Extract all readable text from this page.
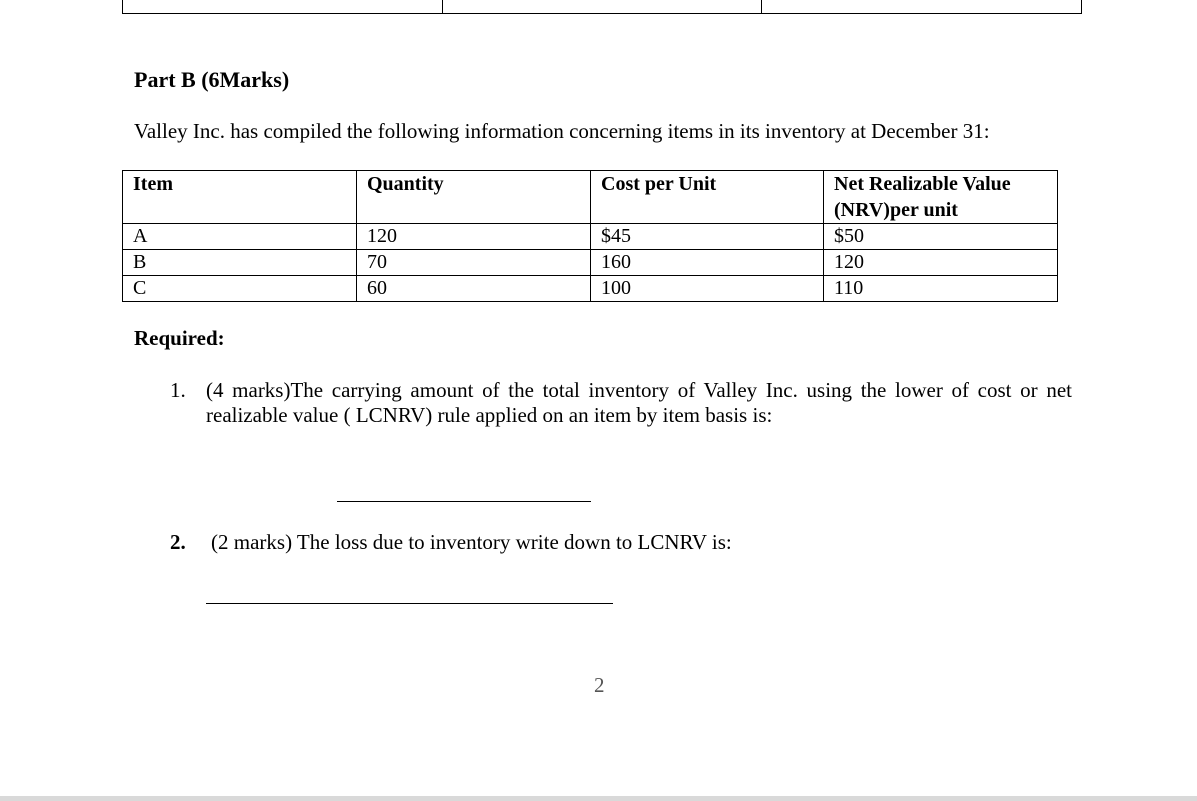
Part B (6Marks)
Valley Inc. has compiled the following information concerning items in its inventory at December 31:
Item	Quantity	Cost per Unit	Net Realizable Value (NRV)per unit
A	120	$45	$50
B	70	160	120
C	60	100	110
Required:
1. (4 marks)The carrying amount of the total inventory of Valley Inc. using the lower of cost or net realizable value ( LCNRV) rule applied on an item by item basis is:
2. (2 marks) The loss due to inventory write down to LCNRV is:
2
